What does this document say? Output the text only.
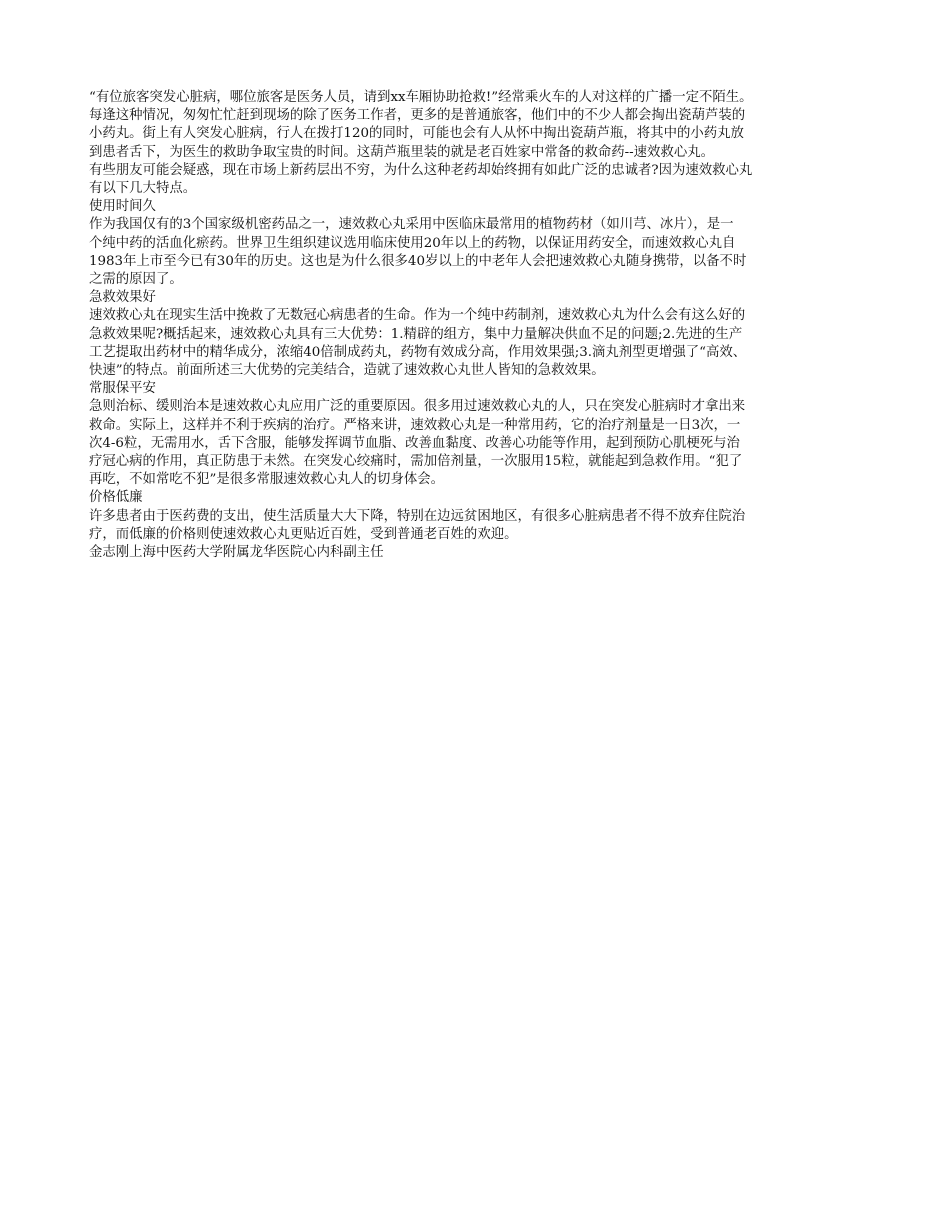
“有位旅客突发心脏病，哪位旅客是医务人员，请到xx车厢协助抢救!”经常乘火车的人对这样的广播一定不陌生。
每逢这种情况，匆匆忙忙赶到现场的除了医务工作者，更多的是普通旅客，他们中的不少人都会掏出瓷葫芦装的
小药丸。街上有人突发心脏病，行人在拨打120的同时，可能也会有人从怀中掏出瓷葫芦瓶，将其中的小药丸放
到患者舌下，为医生的救助争取宝贵的时间。这葫芦瓶里装的就是老百姓家中常备的救命药--速效救心丸。
有些朋友可能会疑惑，现在市场上新药层出不穷，为什么这种老药却始终拥有如此广泛的忠诚者?因为速效救心丸
有以下几大特点。
使用时间久
作为我国仅有的3个国家级机密药品之一，速效救心丸采用中医临床最常用的植物药材（如川芎、冰片），是一
个纯中药的活血化瘀药。世界卫生组织建议选用临床使用20年以上的药物，以保证用药安全，而速效救心丸自
1983年上市至今已有30年的历史。这也是为什么很多40岁以上的中老年人会把速效救心丸随身携带，以备不时
之需的原因了。
急救效果好
速效救心丸在现实生活中挽救了无数冠心病患者的生命。作为一个纯中药制剂，速效救心丸为什么会有这么好的
急救效果呢?概括起来，速效救心丸具有三大优势：1.精辟的组方，集中力量解决供血不足的问题;2.先进的生产
工艺提取出药材中的精华成分，浓缩40倍制成药丸，药物有效成分高，作用效果强;3.滴丸剂型更增强了“高效、
快速”的特点。前面所述三大优势的完美结合，造就了速效救心丸世人皆知的急救效果。
常服保平安
急则治标、缓则治本是速效救心丸应用广泛的重要原因。很多用过速效救心丸的人，只在突发心脏病时才拿出来
救命。实际上，这样并不利于疾病的治疗。严格来讲，速效救心丸是一种常用药，它的治疗剂量是一日3次，一
次4-6粒，无需用水，舌下含服，能够发挥调节血脂、改善血黏度、改善心功能等作用，起到预防心肌梗死与治
疗冠心病的作用，真正防患于未然。在突发心绞痛时，需加倍剂量，一次服用15粒，就能起到急救作用。“犯了
再吃，不如常吃不犯”是很多常服速效救心丸人的切身体会。
价格低廉
许多患者由于医药费的支出，使生活质量大大下降，特别在边远贫困地区，有很多心脏病患者不得不放弃住院治
疗，而低廉的价格则使速效救心丸更贴近百姓，受到普通老百姓的欢迎。
金志刚上海中医药大学附属龙华医院心内科副主任
